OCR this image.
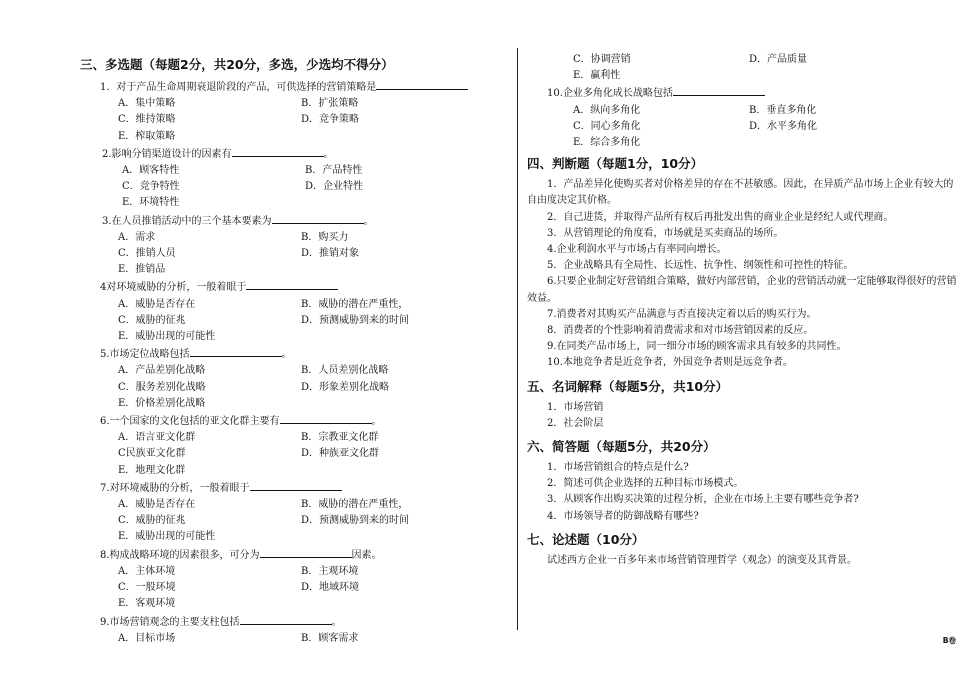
三、多选题（每题2分，共20分，多选，少选均不得分）
1．对于产品生命周期衰退阶段的产品，可供选择的营销策略是
A．集中策略	B．扩张策略
C．维持策略	D．竞争策略
E．榨取策略
2.影响分销渠道设计的因素有	。
A．顾客特性	B．产品特性
C．竞争特性	D．企业特性
E．环境特性
3.在人员推销活动中的三个基本要素为	。
A．需求	B．购买力
C．推销人员	D．推销对象
E．推销品
4对环境威胁的分析，一般着眼于
A．威胁是否存在	B．威胁的潜在严重性，
C．威胁的征兆	D．预测威胁到来的时间
E．威胁出现的可能性
5.市场定位战略包括	。
A．产品差别化战略	B．人员差别化战略
C．服务差别化战略	D．形象差别化战略
E．价格差别化战略
6.一个国家的文化包括的亚文化群主要有	。
A．语言亚文化群	B．宗教亚文化群
C民族亚文化群	D．种族亚文化群
E．地理文化群
7.对环境威胁的分析，一般着眼于
A．威胁是否存在	B．威胁的潜在严重性，
C．威胁的征兆	D．预测威胁到来的时间
E．威胁出现的可能性
8.构成战略环境的因素很多，可分为	因素。
A．主体环境	B．主观环境
C．一般环境	D．地域环境
E．客观环境
9.市场营销观念的主要支柱包括	。
A．目标市场	B．顾客需求
C．协调营销	D．产品质量
E．赢利性
10.企业多角化成长战略包括
A．纵向多角化	B．垂直多角化
C．同心多角化	D．水平多角化
E．综合多角化
四、判断题（每题1分，10分）
1．产品差异化使购买者对价格差异的存在不甚敏感。因此，在异质产品市场上企业有较大的自由度决定其价格。
2．自己进货，并取得产品所有权后再批发出售的商业企业是经纪人或代理商。
3．从营销理论的角度看，市场就是买卖商品的场所。
4.企业利润水平与市场占有率同向增长。
5．企业战略具有全局性、长远性、抗争性、纲领性和可控性的特征。
6.只要企业制定好营销组合策略，做好内部营销，企业的营销活动就一定能够取得很好的营销效益。
7.消费者对其购买产品满意与否直接决定着以后的购买行为。
8．消费者的个性影响着消费需求和对市场营销因素的反应。
9.在同类产品市场上，同一细分市场的顾客需求具有较多的共同性。
10.本地竞争者是近竞争者，外国竞争者则是远竞争者。
五、名词解释（每题5分，共10分）
1．市场营销
2．社会阶层
六、简答题（每题5分，共20分）
1．市场营销组合的特点是什么?
2．简述可供企业选择的五种目标市场模式。
3．从顾客作出购买决策的过程分析，企业在市场上主要有哪些竞争者?
4．市场领导者的防御战略有哪些?
七、论述题（10分）
试述西方企业一百多年来市场营销管理哲学（观念）的演变及其背景。
B卷
